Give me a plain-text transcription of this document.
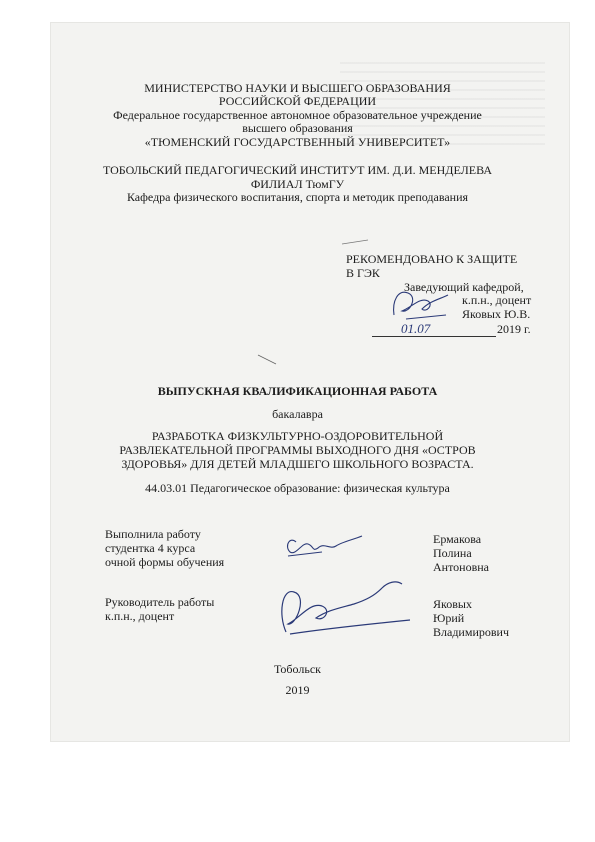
МИНИСТЕРСТВО НАУКИ И ВЫСШЕГО ОБРАЗОВАНИЯ
РОССИЙСКОЙ ФЕДЕРАЦИИ
Федеральное государственное автономное образовательное учреждение
высшего образования
«ТЮМЕНСКИЙ ГОСУДАРСТВЕННЫЙ УНИВЕРСИТЕТ»
ТОБОЛЬСКИЙ ПЕДАГОГИЧЕСКИЙ ИНСТИТУТ ИМ. Д.И. МЕНДЕЛЕВА
ФИЛИАЛ ТюмГУ
Кафедра физического воспитания, спорта и методик преподавания
РЕКОМЕНДОВАНО К ЗАЩИТЕ
В ГЭК
Заведующий кафедрой,
к.п.н., доцент
Яковых Ю.В.
01.07	2019 г.
ВЫПУСКНАЯ КВАЛИФИКАЦИОННАЯ РАБОТА
бакалавра
РАЗРАБОТКА ФИЗКУЛЬТУРНО-ОЗДОРОВИТЕЛЬНОЙ
РАЗВЛЕКАТЕЛЬНОЙ ПРОГРАММЫ ВЫХОДНОГО ДНЯ «ОСТРОВ
ЗДОРОВЬЯ» ДЛЯ ДЕТЕЙ МЛАДШЕГО ШКОЛЬНОГО ВОЗРАСТА.
44.03.01 Педагогическое образование: физическая культура
Выполнила работу
студентка 4 курса
очной формы обучения
Ермакова
Полина
Антоновна
Руководитель работы
к.п.н., доцент
Яковых
Юрий
Владимирович
Тобольск
2019
